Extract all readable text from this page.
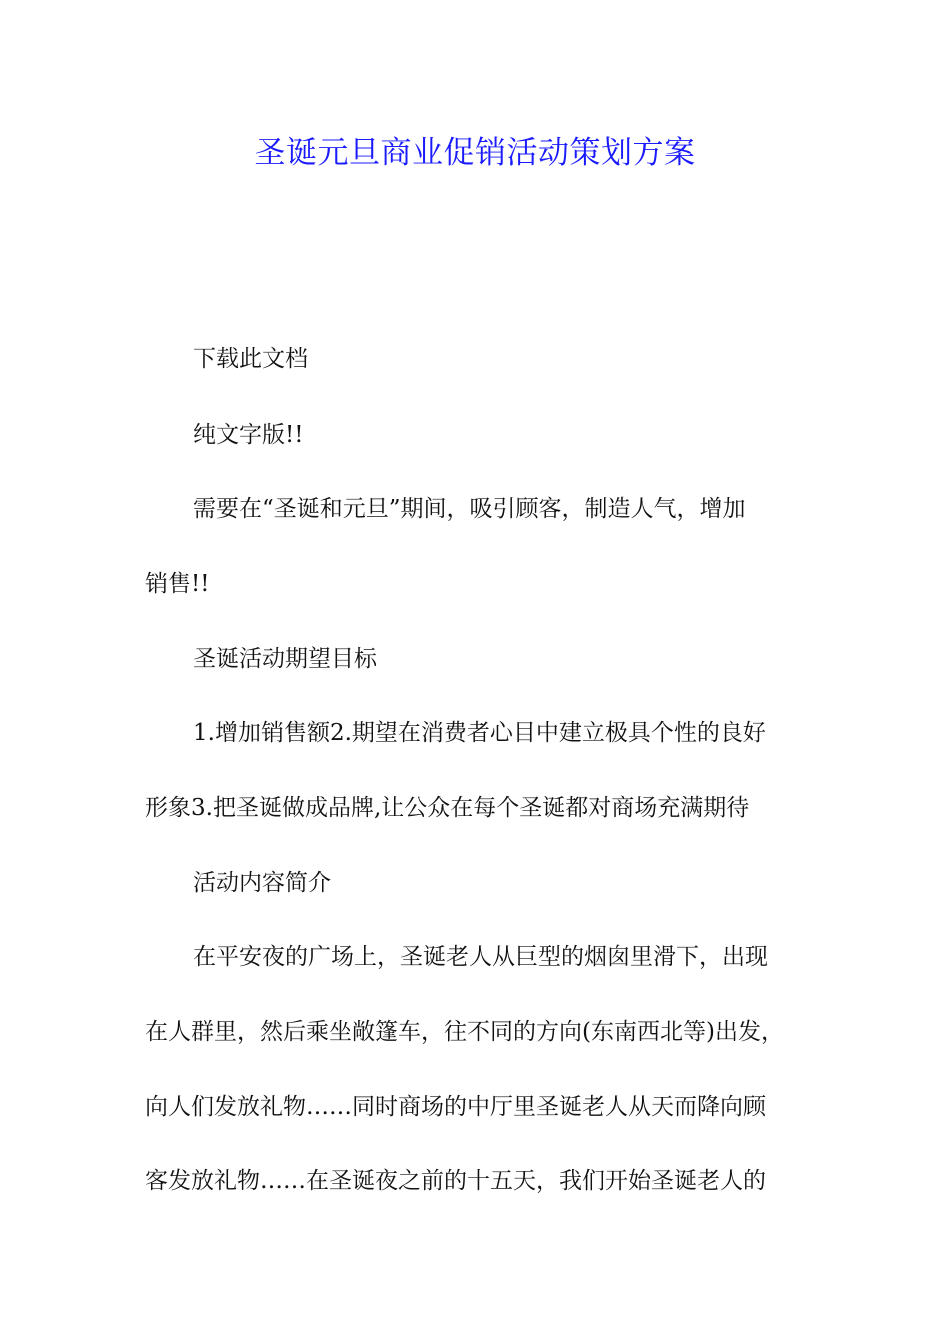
圣诞元旦商业促销活动策划方案

下载此文档

纯文字版!!

需要在“圣诞和元旦”期间，吸引顾客，制造人气，增加

销售!!

圣诞活动期望目标

1.增加销售额2.期望在消费者心目中建立极具个性的良好

形象3.把圣诞做成品牌,让公众在每个圣诞都对商场充满期待

活动内容简介

在平安夜的广场上，圣诞老人从巨型的烟囱里滑下，出现

在人群里，然后乘坐敞篷车，往不同的方向(东南西北等)出发，

向人们发放礼物……同时商场的中厅里圣诞老人从天而降向顾

客发放礼物……在圣诞夜之前的十五天，我们开始圣诞老人的
